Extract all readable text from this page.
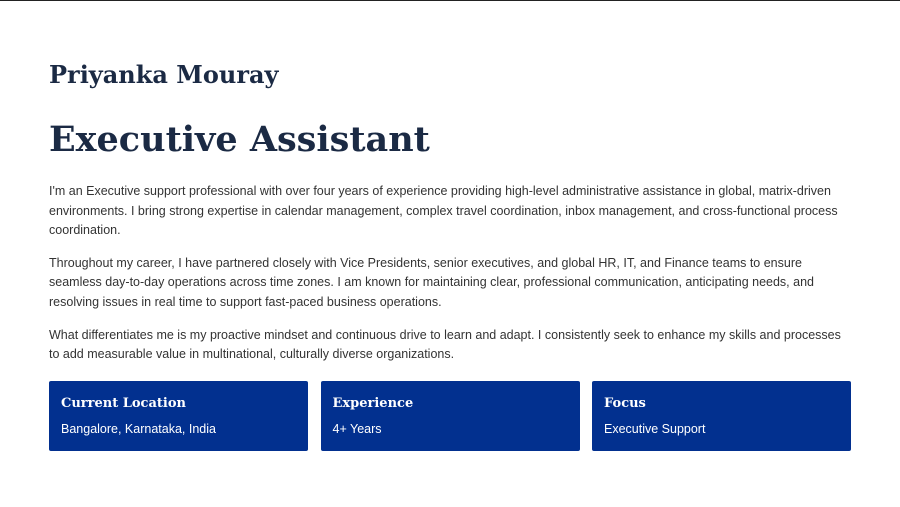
Priyanka Mouray
Executive Assistant

I'm an Executive support professional with over four years of experience providing high-level administrative assistance in global, matrix-driven environments. I bring strong expertise in calendar management, complex travel coordination, inbox management, and cross-functional process coordination.

Throughout my career, I have partnered closely with Vice Presidents, senior executives, and global HR, IT, and Finance teams to ensure seamless day-to-day operations across time zones. I am known for maintaining clear, professional communication, anticipating needs, and resolving issues in real time to support fast-paced business operations.

What differentiates me is my proactive mindset and continuous drive to learn and adapt. I consistently seek to enhance my skills and processes to add measurable value in multinational, culturally diverse organizations.

Current Location
Bangalore, Karnataka, India
Experience
4+ Years
Focus
Executive Support
